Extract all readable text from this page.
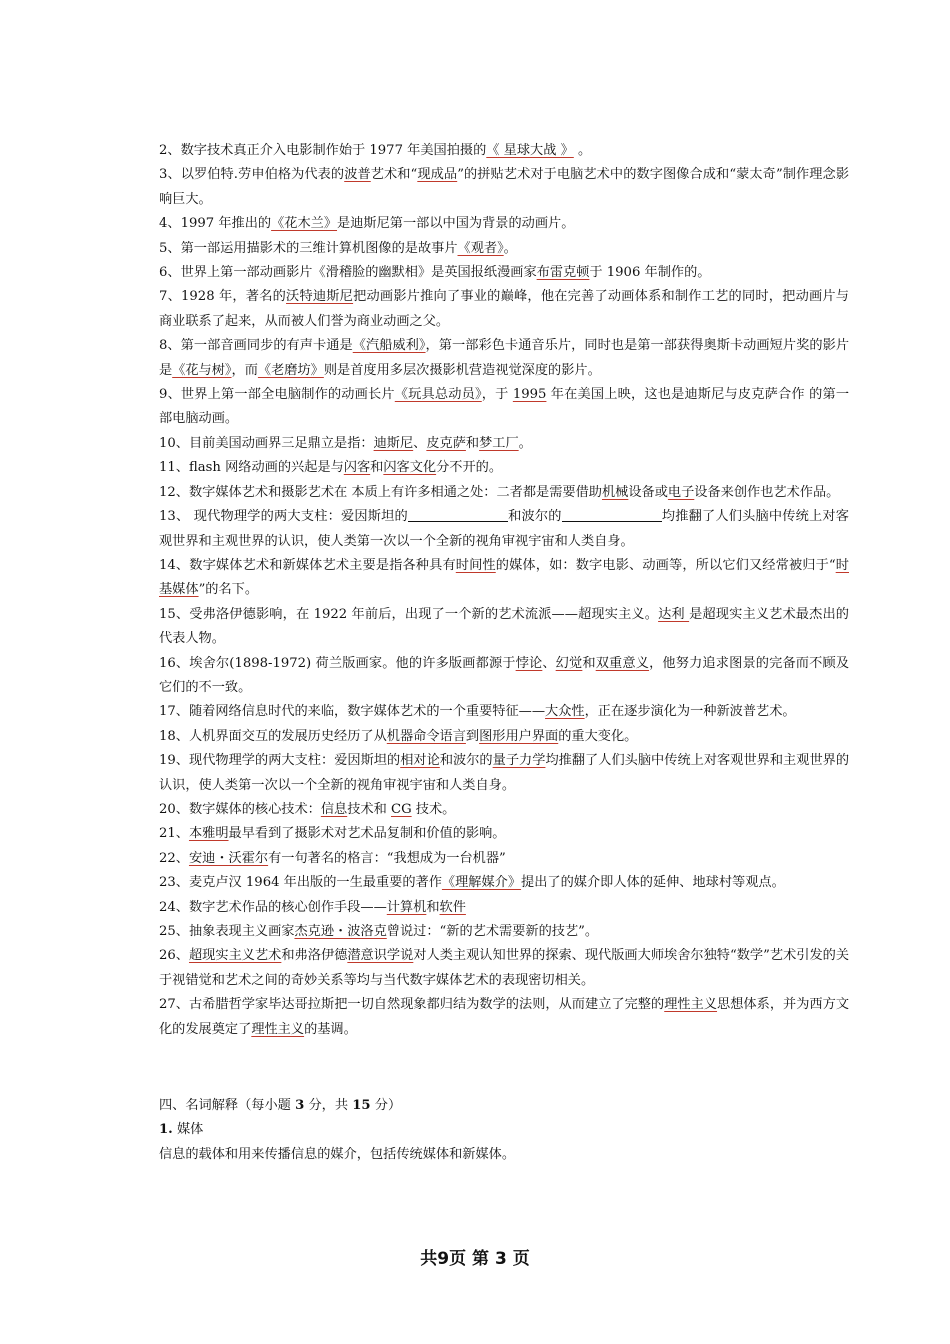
2、数字技术真正介入电影制作始于 1977 年美国拍摄的《 星球大战 》 。

3、以罗伯特.劳申伯格为代表的波普艺术和“现成品”的拼贴艺术对于电脑艺术中的数字图像合成和“蒙太奇”制作理念影响巨大。

4、1997 年推出的《花木兰》是迪斯尼第一部以中国为背景的动画片。

5、第一部运用描影术的三维计算机图像的是故事片《观者》。

6、世界上第一部动画影片《滑稽脸的幽默相》是英国报纸漫画家布雷克顿于 1906 年制作的。

7、1928 年，著名的沃特迪斯尼把动画影片推向了事业的巅峰，他在完善了动画体系和制作工艺的同时，把动画片与商业联系了起来，从而被人们誉为商业动画之父。

8、第一部音画同步的有声卡通是《汽船威利》，第一部彩色卡通音乐片，同时也是第一部获得奥斯卡动画短片奖的影片是《花与树》，而《老磨坊》则是首度用多层次摄影机营造视觉深度的影片。

9、世界上第一部全电脑制作的动画长片《玩具总动员》，于 1995 年在美国上映，这也是迪斯尼与皮克萨合作 的第一部电脑动画。

10、目前美国动画界三足鼎立是指：迪斯尼、皮克萨和梦工厂。

11、flash 网络动画的兴起是与闪客和闪客文化分不开的。

12、数字媒体艺术和摄影艺术在 本质上有许多相通之处：二者都是需要借助机械设备或电子设备来创作也艺术作品。

13、 现代物理学的两大支柱：爱因斯坦的	和波尔的	均推翻了人们头脑中传统上对客观世界和主观世界的认识，使人类第一次以一个全新的视角审视宇宙和人类自身。

14、数字媒体艺术和新媒体艺术主要是指各种具有时间性的媒体，如：数字电影、动画等，所以它们又经常被归于“时基媒体”的名下。

15、受弗洛伊德影响，在 1922 年前后，出现了一个新的艺术流派——超现实主义。达利 是超现实主义艺术最杰出的代表人物。

16、埃舍尔(1898-1972) 荷兰版画家。他的许多版画都源于悖论、幻觉和双重意义，他努力追求图景的完备而不顾及它们的不一致。

17、随着网络信息时代的来临，数字媒体艺术的一个重要特征——大众性，正在逐步演化为一种新波普艺术。

18、人机界面交互的发展历史经历了从机器命令语言到图形用户界面的重大变化。

19、现代物理学的两大支柱：爱因斯坦的相对论和波尔的量子力学均推翻了人们头脑中传统上对客观世界和主观世界的认识，使人类第一次以一个全新的视角审视宇宙和人类自身。

20、数字媒体的核心技术：信息技术和 CG 技术。

21、本雅明最早看到了摄影术对艺术品复制和价值的影响。

22、安迪・沃霍尔有一句著名的格言：“我想成为一台机器”

23、麦克卢汉 1964 年出版的一生最重要的著作《理解媒介》提出了的媒介即人体的延伸、地球村等观点。

24、数字艺术作品的核心创作手段——计算机和软件

25、抽象表现主义画家杰克逊・波洛克曾说过：“新的艺术需要新的技艺”。

26、超现实主义艺术和弗洛伊德潜意识学说对人类主观认知世界的探索、现代版画大师埃舍尔独特“数学”艺术引发的关于视错觉和艺术之间的奇妙关系等均与当代数字媒体艺术的表现密切相关。

27、古希腊哲学家毕达哥拉斯把一切自然现象都归结为数学的法则，从而建立了完整的理性主义思想体系，并为西方文化的发展奠定了理性主义的基调。

四、名词解释（每小题 3 分，共 15 分）

1. 媒体

信息的载体和用来传播信息的媒介，包括传统媒体和新媒体。

共9页 第 3 页
